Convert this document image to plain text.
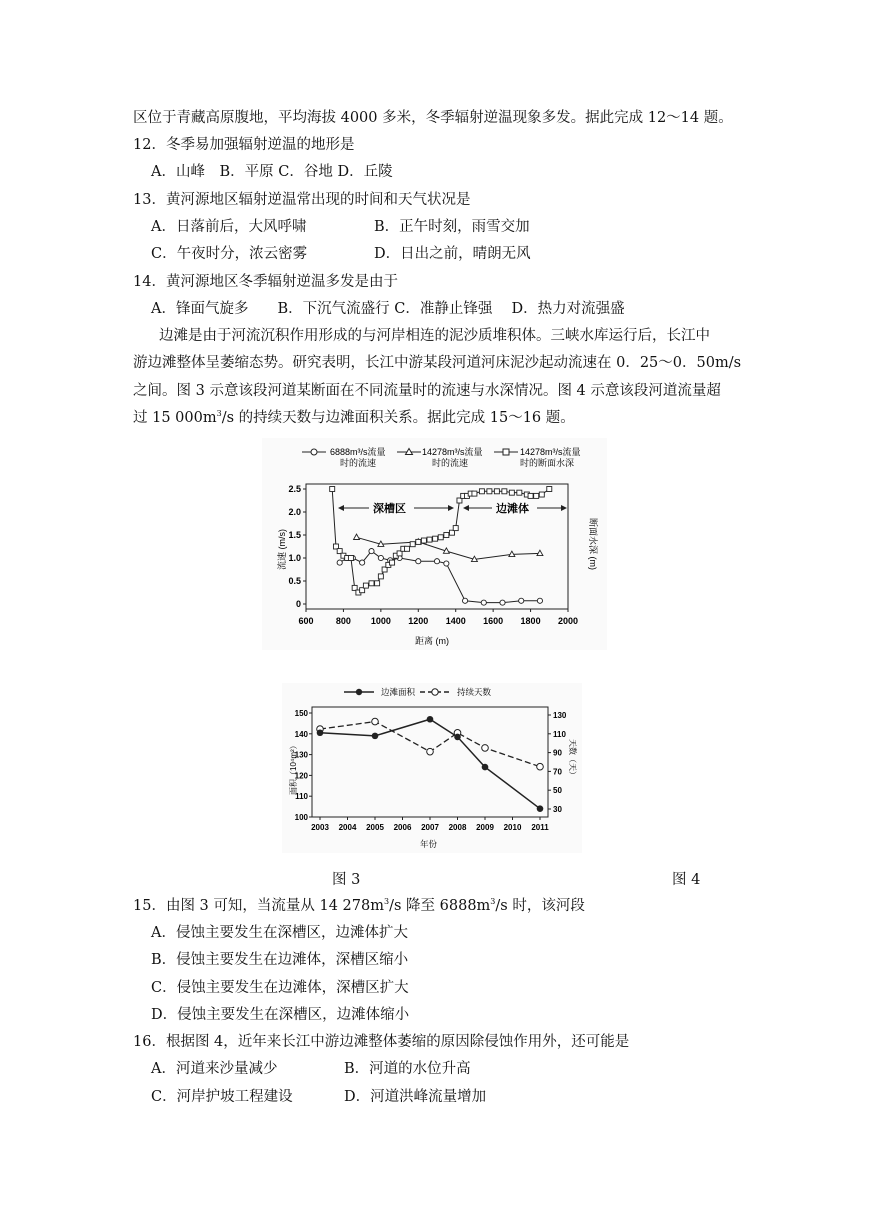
区位于青藏高原腹地，平均海拔 4000 多米，冬季辐射逆温现象多发。据此完成 12～14 题。
12．冬季易加强辐射逆温的地形是
A．山峰　B．平原 C．谷地 D．丘陵
13．黄河源地区辐射逆温常出现的时间和天气状况是
A．日落前后，大风呼啸	B．正午时刻，雨雪交加
C．午夜时分，浓云密雾	D．日出之前，晴朗无风
14．黄河源地区冬季辐射逆温多发是由于
A．锋面气旋多　　B．下沉气流盛行 C．准静止锋强　 D．热力对流强盛
边滩是由于河流沉积作用形成的与河岸相连的泥沙质堆积体。三峡水库运行后，长江中
游边滩整体呈萎缩态势。研究表明，长江中游某段河道河床泥沙起动流速在 0．25～0．50m/s
之间。图 3 示意该段河道某断面在不同流量时的流速与水深情况。图 4 示意该段河道流量超
过 15 $000m^3/s$ 的持续天数与边滩面积关系。据此完成 15～16 题。
6888m³/s流量
时的流速
14278m³/s流量
时的流速
14278m³/s流量
时的断面水深
600 800 1000 1200 1400 1600 1800 2000
0
0.5
1.0
1.5
2.0
2.5
深槽区	边滩体
流速 (m/s)	断面水深 (m)
距离 (m)
边滩面积	持续天数
2003 2004 2005 2006 2007 2008 2009 2010 2011
100
110
120
130
140
150
30
50
70
90
110
130
面积（10⁴m²）	天数（天）
年份
图 3	图 4
15．由图 3 可知，当流量从 14 $278m^3/s$ 降至 $6888m^3/s$ 时，该河段
A．侵蚀主要发生在深槽区，边滩体扩大
B．侵蚀主要发生在边滩体，深槽区缩小
C．侵蚀主要发生在边滩体，深槽区扩大
D．侵蚀主要发生在深槽区，边滩体缩小
16．根据图 4，近年来长江中游边滩整体萎缩的原因除侵蚀作用外，还可能是
A．河道来沙量减少	B．河道的水位升高
C．河岸护坡工程建设	D．河道洪峰流量增加
